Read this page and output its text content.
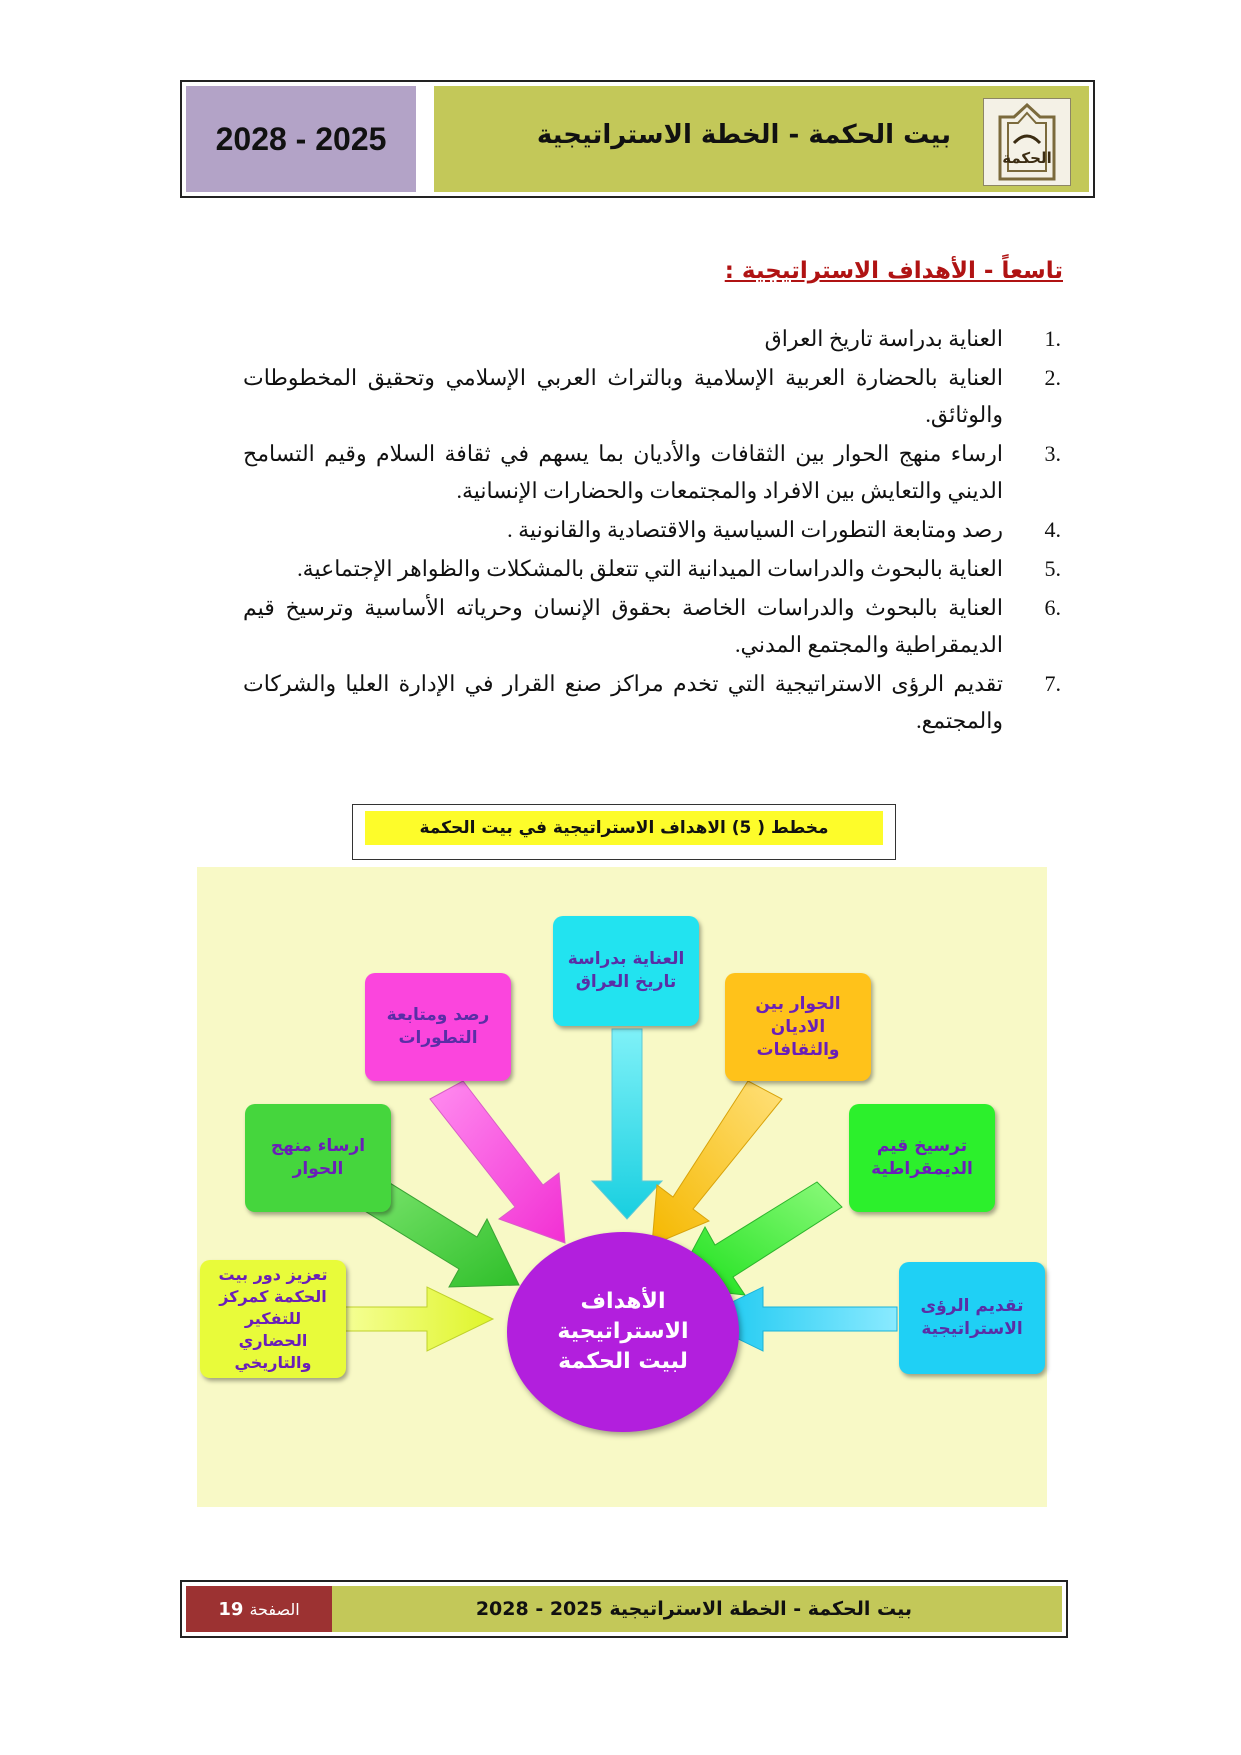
2028 - 2025	بيت الحكمة - الخطة الاستراتيجية
الحكمة
تاسعاً - الأهداف الاستراتيجية :
1.
العناية بدراسة تاريخ العراق
2.
العناية بالحضارة العربية الإسلامية وبالتراث العربي الإسلامي وتحقيق المخطوطات والوثائق.
3.
ارساء منهج الحوار بين الثقافات والأديان بما يسهم في ثقافة السلام وقيم التسامح الديني والتعايش بين الافراد والمجتمعات والحضارات الإنسانية.
4.
رصد ومتابعة التطورات السياسية والاقتصادية والقانونية .
5.
العناية بالبحوث والدراسات الميدانية التي تتعلق بالمشكلات والظواهر الإجتماعية.
6.
العناية بالبحوث والدراسات الخاصة بحقوق الإنسان وحرياته الأساسية وترسيخ قيم الديمقراطية والمجتمع المدني.
7.
تقديم الرؤى الاستراتيجية التي تخدم مراكز صنع القرار في الإدارة العليا والشركات والمجتمع.
مخطط ( 5) الاهداف الاستراتيجية في بيت الحكمة
العناية بدراسة تاريخ العراق
رصد ومتابعة التطورات
الحوار بين الاديان والثقافات
ارساء منهج الحوار
ترسيخ قيم الديمقراطية
تعزيز دور بيت الحكمة كمركز للتفكير الحضاري والتاريخي
تقديم الرؤى الاستراتيجية
الأهداف الاستراتيجية لبيت الحكمة
بيت الحكمة - الخطة الاستراتيجية 2025 - 2028
الصفحة
19
